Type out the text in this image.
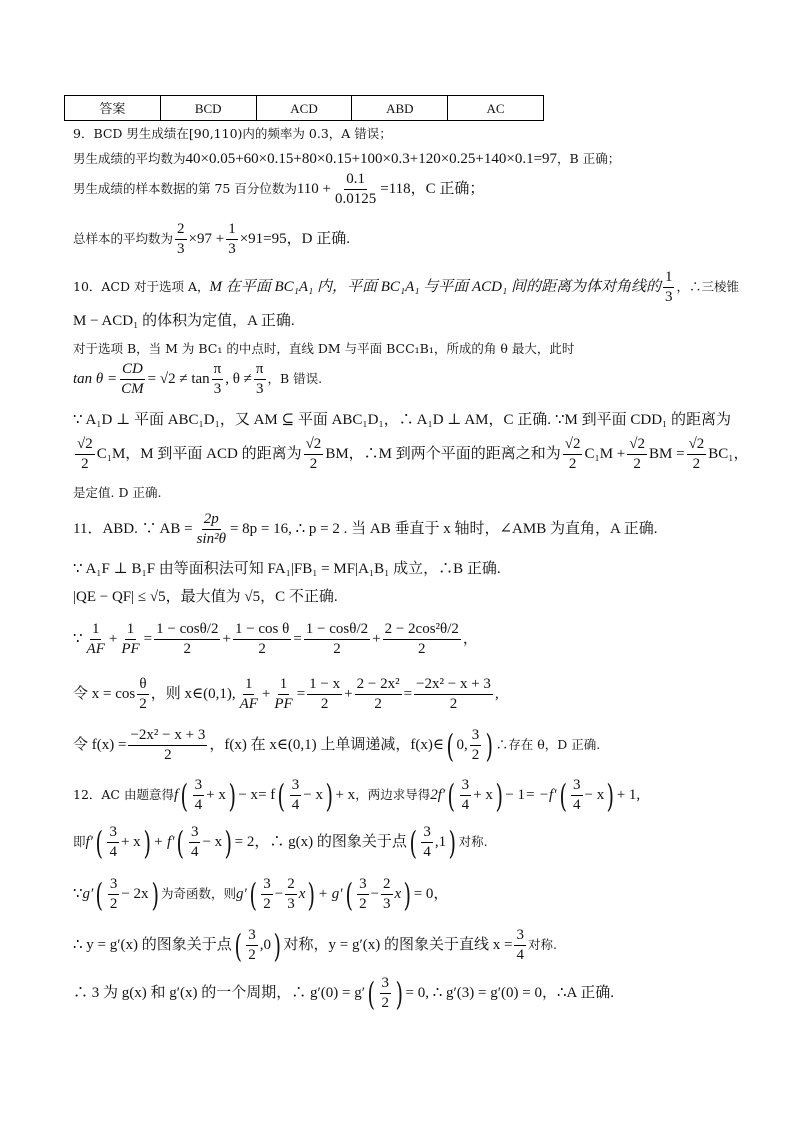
答案	BCD	ACD	ABD	AC
9．BCD 男生成绩在[90,110)内的频率为 0.3，A 错误；
男生成绩的平均数为 40×0.05+60×0.15+80×0.15+100×0.3+120×0.25+140×0.1=97 ，B 正确；
男生成绩的样本数据的第 75 百分位数为 $110 + \frac{0.1}{0.0125} =118$，C 正确；
总样本的平均数为 $\frac{2}{3} \times 97 + \frac{1}{3} \times 91 =95$，D 正确.
10．ACD 对于选项 A， M 在平面 BC₁A₁ 内，平面 BC₁A₁ 与平面 ACD₁ 间的距离为体对角线的 $\frac{1}{3}$ ，∴三棱锥
M − ACD₁ 的体积为定值，A 正确.
对于选项 B，当 M 为 BC₁ 的中点时，直线 DM 与平面 BCC₁B₁，所成的角 θ 最大，此时
$\tan \theta = \frac{CD}{CM} = √2 \ne \tan \frac{\pi}{3}$ , $\theta \ne \frac{\pi}{3}$ ，B 错误.
∵ A₁D ⊥ 平面 ABC₁D₁，又 AM ⊆ 平面 ABC₁D₁，∴ A₁D ⊥ AM，C 正确. ∵M 到平面 CDD₁ 的距离为
$\frac{√2}{2} C_1M$，M 到平面 ACD 的距离为 $\frac{√2}{2}$ BM，∴M 到两个平面的距离之和为 $\frac{√2}{2} C_1M + \frac{√2}{2}$ BM = $\frac{√2}{2} BC_1$，
是定值. D 正确.
11．ABD. ∵ AB = $\frac{2p}{\text{sin²θ}} = 8p = 16$, ∴ p = 2 . 当 AB 垂直于 x 轴时，∠AMB 为直角，A 正确.
∵ A₁F ⊥ B₁F 由等面积法可知 FA₁|FB₁ = MF|A₁B₁ 成立，∴B 正确.
|QE − QF| ≤ √5，最大值为 √5，C 不正确.
∵ $\frac{1}{AF} + \frac{1}{PF} = \frac{1 - \cos\theta/2}{2} + \frac{\text{1 − cos θ}}{2} = \frac{1 - \cos\theta/2}{2} + \frac{\text{2 − 2cos²θ/2}}{2}$ ，
令 $x = \cos \frac{\theta}{2}$ ，则 x∈(0,1), $\frac{1}{AF} + \frac{1}{PF} = \frac{1 - x}{2} + \frac{\text{2 − 2x²}}{2} = \frac{\text{−2x² − x + 3}}{2}$ ,
令 $f(x) = \frac{\text{−2x² − x + 3}}{2}$ ，f(x) 在 x∈(0,1) 上单调递减，f(x)∈ ( 0 , $\frac{3}{2}$ ) ∴存在 θ，D 正确.
12．AC 由题意得 f ( $\frac{3}{4} + x$ ) − x = f ( $\frac{3}{4} - x$ ) + x ，两边求导得 2f′ ( $\frac{3}{4} + x$ ) − 1 = −f′ ( $\frac{3}{4} - x$ ) + 1 ,
即 f′ ( $\frac{3}{4} + x$ ) + f′ ( $\frac{3}{4} - x$ ) = 2，∴ g(x) 的图象关于点 ( $\frac{3}{4}$ , 1 ) 对称.
∵ g′ ( $\frac{3}{2} - 2x$ ) 为奇函数，则 g′ ( $\frac{3}{2} - \frac{2}{3}$ x ) + g′ ( $\frac{3}{2} - \frac{2}{3}$ x ) = 0，
∴ y = g′(x) 的图象关于点 ( $\frac{3}{2}$ , 0 ) 对称，y = g′(x) 的图象关于直线 $x = \frac{3}{4}$ 对称.
∴ 3 为 g(x) 和 g′(x) 的一个周期，∴ g′(0) = g′ ( $\frac{3}{2}$ ) = 0, ∴ g′(3) = g′(0) = 0，∴A 正确.
